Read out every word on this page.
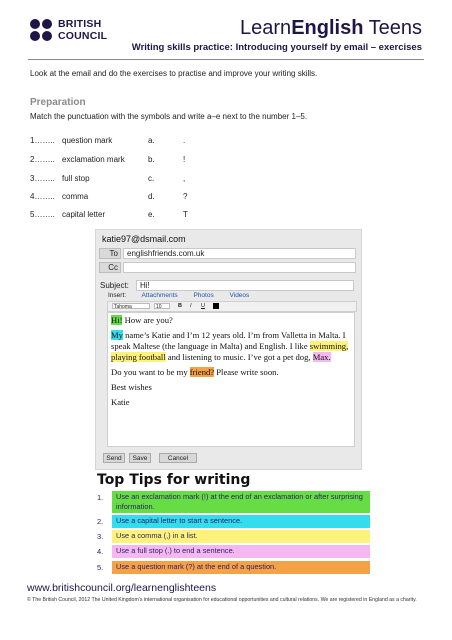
BRITISH
COUNCIL	LearnEnglish Teens
Writing skills practice: Introducing yourself by email – exercises
Look at the email and do the exercises to practise and improve your writing skills.
Preparation
Match the punctuation with the symbols and write a–e next to the number 1–5.
1…….. question mark	a.	.
2…….. exclamation mark	b.	!
3…….. full stop	c.	,
4…….. comma	d.	?
5…….. capital letter	e.	T
katie97@dsmail.com
To	englishfriends.com.uk
Cc
Subject:	Hi!
Insert: Attachments Photos Videos
Tahoma	10	B I U

Hi! How are you?

My name’s Katie and I’m 12 years old. I’m from Valletta in Malta. I speak Maltese (the language in Malta) and English. I like swimming, playing football and listening to music. I’ve got a pet dog, Max.

Do you want to be my friend? Please write soon.

Best wishes

Katie

Send	Save	Cancel
Top Tips for writing
1.	Use an exclamation mark (!) at the end of an exclamation or after surprising information.
2.	Use a capital letter to start a sentence.
3.	Use a comma (,) in a list.
4.	Use a full stop (.) to end a sentence.
5.	Use a question mark (?) at the end of a question.
www.britishcouncil.org/learnenglishteens
© The British Council, 2012 The United Kingdom’s international organisation for educational opportunities and cultural relations. We are registered in England as a charity.
